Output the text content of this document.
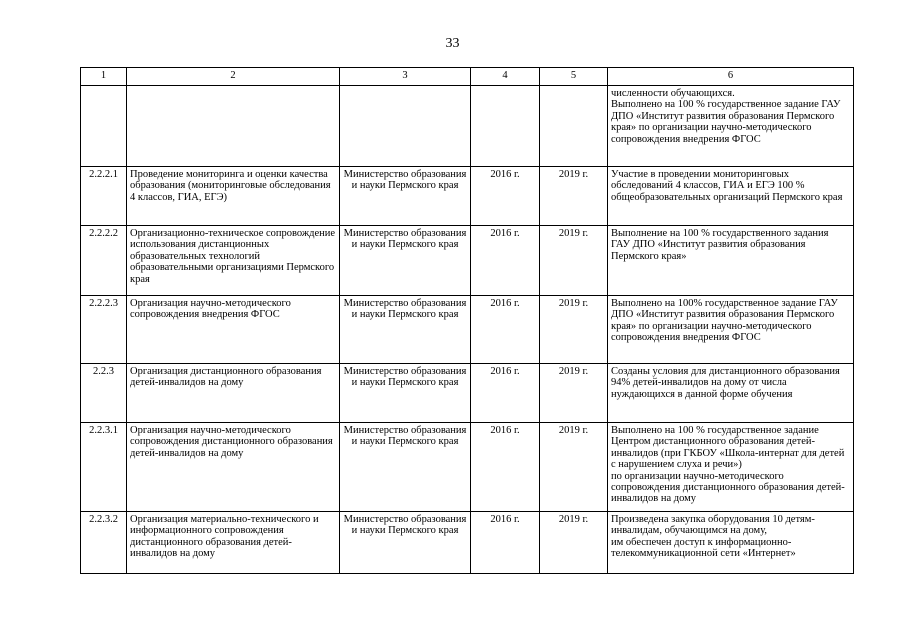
33
1	2	3	4	5	6
					численности обучающихся.
Выполнено на 100 % государственное задание ГАУ ДПО «Институт развития образования Пермского края» по организации научно-методического сопровождения внедрения ФГОС
2.2.2.1	Проведение мониторинга и оценки качества образования (мониторинговые обследования 4 классов, ГИА, ЕГЭ)	Министерство образования и науки Пермского края	2016 г.	2019 г.	Участие в проведении мониторинговых обследований 4 классов, ГИА и ЕГЭ 100 % общеобразовательных организаций Пермского края
2.2.2.2	Организационно-техническое сопровождение использования дистанционных образовательных технологий образовательными организациями Пермского края	Министерство образования и науки Пермского края	2016 г.	2019 г.	Выполнение на 100 % государственного задания ГАУ ДПО «Институт развития образования Пермского края»
2.2.2.3	Организация научно-методического сопровождения внедрения ФГОС	Министерство образования и науки Пермского края	2016 г.	2019 г.	Выполнено на 100% государственное задание ГАУ ДПО «Институт развития образования Пермского края» по организации научно-методического сопровождения внедрения ФГОС
2.2.3	Организация дистанционного образования детей-инвалидов на дому	Министерство образования и науки Пермского края	2016 г.	2019 г.	Созданы условия для дистанционного образования 94% детей-инвалидов на дому от числа нуждающихся в данной форме обучения
2.2.3.1	Организация научно-методического сопровождения дистанционного образования детей-инвалидов на дому	Министерство образования и науки Пермского края	2016 г.	2019 г.	Выполнено на 100 % государственное задание Центром дистанционного образования детей-инвалидов (при ГКБОУ «Школа-интернат для детей с нарушением слуха и речи»)
по организации научно-методического сопровождения дистанционного образования детей-инвалидов на дому
2.2.3.2	Организация материально-технического и информационного сопровождения дистанционного образования детей-инвалидов на дому	Министерство образования и науки Пермского края	2016 г.	2019 г.	Произведена закупка оборудования 10 детям-инвалидам, обучающимся на дому,
им обеспечен доступ к информационно-телекоммуникационной сети «Интернет»
